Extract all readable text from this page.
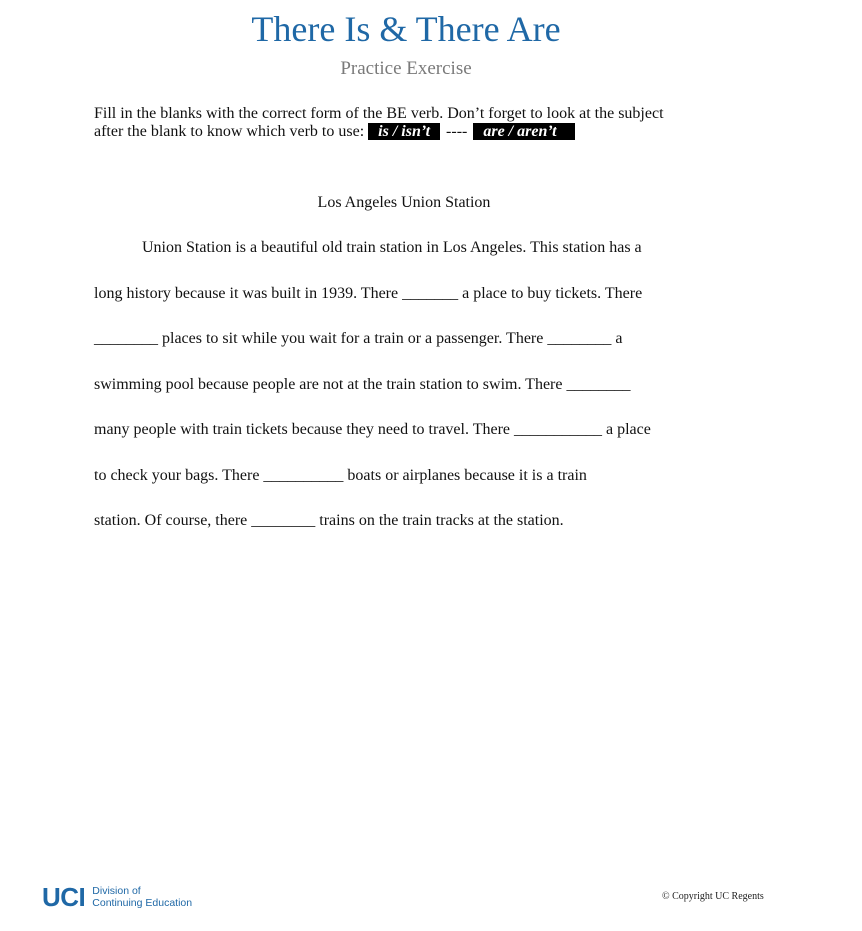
There Is & There Are
Practice Exercise
Fill in the blanks with the correct form of the BE verb. Don’t forget to look at the subject
after the blank to know which verb to use: is / isn’t ---- are / aren’t
Los Angeles Union Station
Union Station is a beautiful old train station in Los Angeles. This station has a
long history because it was built in 1939. There _______ a place to buy tickets. There
________ places to sit while you wait for a train or a passenger. There ________ a
swimming pool because people are not at the train station to swim. There ________
many people with train tickets because they need to travel. There ___________ a place
to check your bags. There __________ boats or airplanes because it is a train
station. Of course, there ________ trains on the train tracks at the station.
UCI Division of
Continuing Education
© Copyright UC Regents
